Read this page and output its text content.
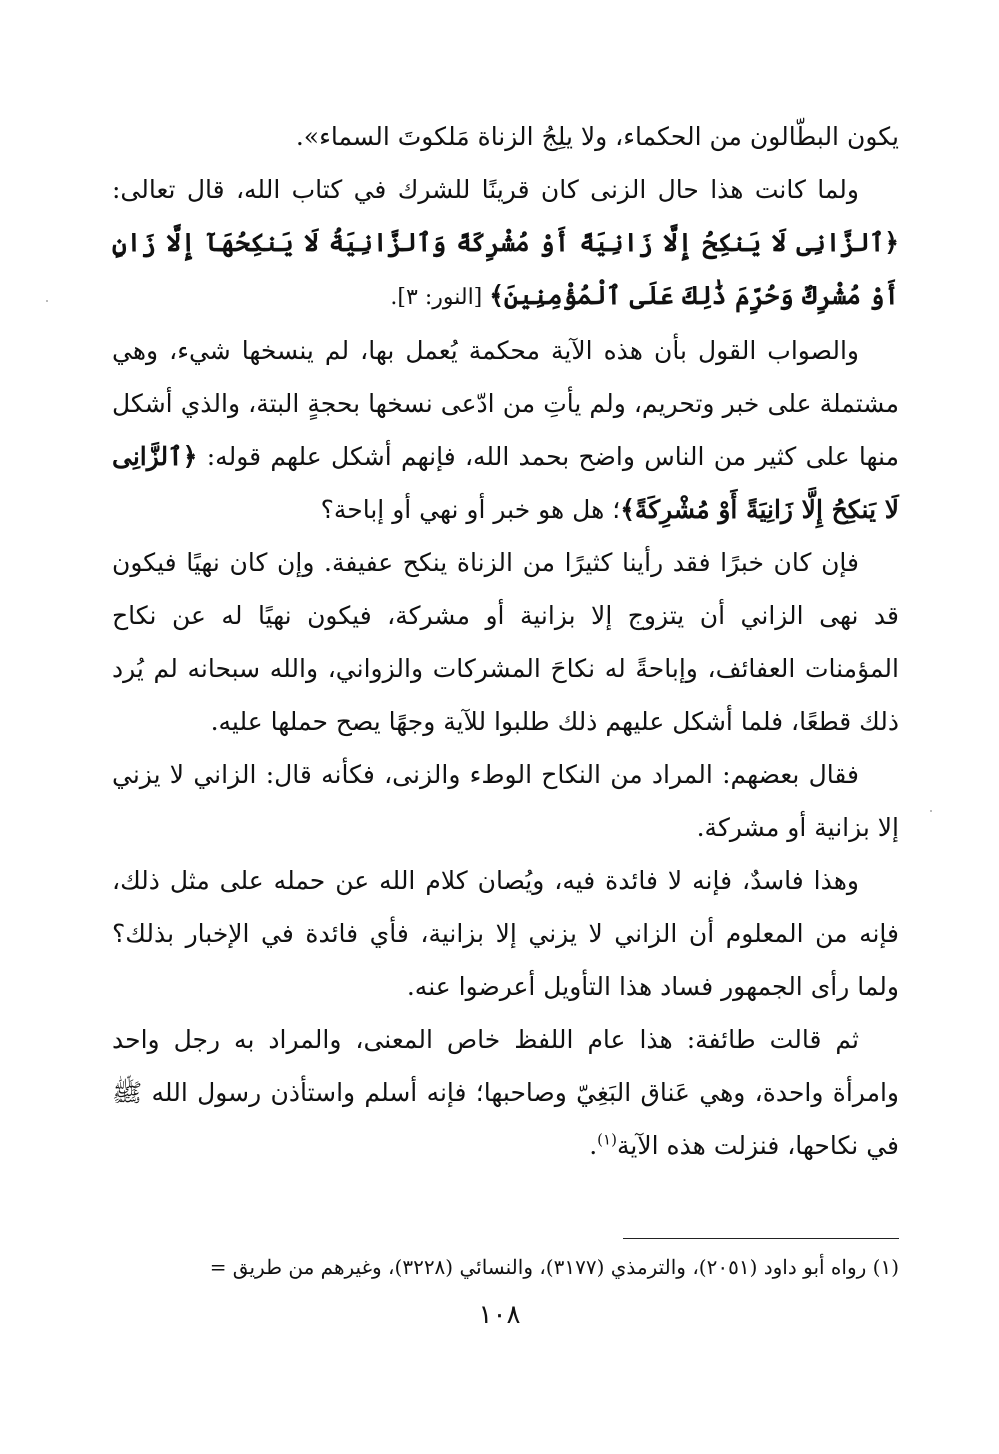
يكون البطّالون من الحكماء، ولا يلِجُ الزناة مَلكوتَ السماء».

ولما كانت هذا حال الزنى كان قرينًا للشرك في كتاب الله، قال تعالى: ﴿ٱلزَّانِى لَا يَنكِحُ إِلَّا زَانِيَةً أَوْ مُشْرِكَةً وَٱلزَّانِيَةُ لَا يَنكِحُهَآ إِلَّا زَانٍ أَوْ مُشْرِكٌ وَحُرِّمَ ذَٰلِكَ عَلَى ٱلْمُؤْمِنِينَ﴾ [النور: ٣].

والصواب القول بأن هذه الآية محكمة يُعمل بها، لم ينسخها شيء، وهي مشتملة على خبر وتحريم، ولم يأتِ من ادّعى نسخها بحجةٍ البتة، والذي أشكل منها على كثير من الناس واضح بحمد الله، فإنهم أشكل علهم قوله: ﴿ٱلزَّانِى لَا يَنكِحُ إِلَّا زَانِيَةً أَوْ مُشْرِكَةً﴾؛ هل هو خبر أو نهي أو إباحة؟

فإن كان خبرًا فقد رأينا كثيرًا من الزناة ينكح عفيفة. وإن كان نهيًا فيكون قد نهى الزاني أن يتزوج إلا بزانية أو مشركة، فيكون نهيًا له عن نكاح المؤمنات العفائف، وإباحةً له نكاحَ المشركات والزواني، والله سبحانه لم يُرد ذلك قطعًا، فلما أشكل عليهم ذلك طلبوا للآية وجهًا يصح حملها عليه.

فقال بعضهم: المراد من النكاح الوطء والزنى، فكأنه قال: الزاني لا يزني إلا بزانية أو مشركة.

وهذا فاسدٌ، فإنه لا فائدة فيه، ويُصان كلام الله عن حمله على مثل ذلك، فإنه من المعلوم أن الزاني لا يزني إلا بزانية، فأي فائدة في الإخبار بذلك؟ ولما رأى الجمهور فساد هذا التأويل أعرضوا عنه.

ثم قالت طائفة: هذا عام اللفظ خاص المعنى، والمراد به رجل واحد وامرأة واحدة، وهي عَناق البَغِيّ وصاحبها؛ فإنه أسلم واستأذن رسول الله ﷺ في نكاحها، فنزلت هذه الآية$^{(١)}$.

(١) رواه أبو داود (٢٠٥١)، والترمذي (٣١٧٧)، والنسائي (٣٢٢٨)، وغيرهم من طريق =
١٠٨
